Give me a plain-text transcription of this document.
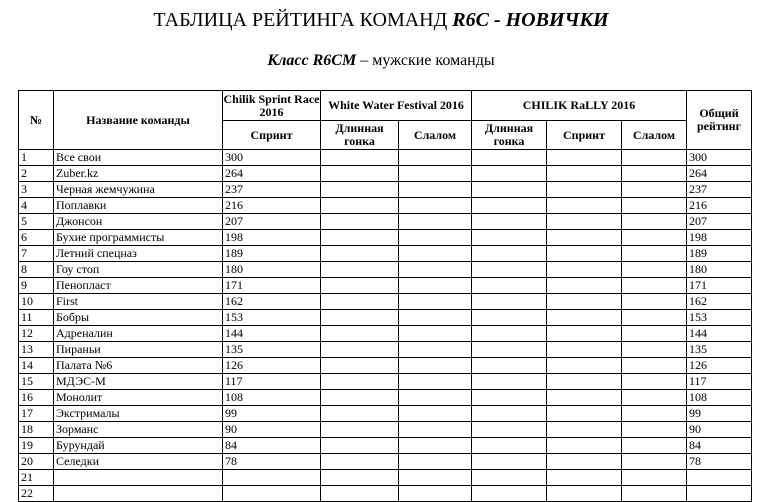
ТАБЛИЦА РЕЙТИНГА КОМАНД R6C - НОВИЧКИ
Класс R6CM – мужские команды
№	Название команды	Chilik Sprint Race 2016	White Water Festival 2016		CHILIK RaLLY 2016			Общий рейтинг
		Спринт	Длинная гонка	Слалом	Длинная гонка	Спринт	Слалом	
1	Все свои	300						300
2	Zuber.kz	264						264
3	Черная жемчужина	237						237
4	Поплавки	216						216
5	Джонсон	207						207
6	Бухие программисты	198						198
7	Летний спецназ	189						189
8	Гоу стоп	180						180
9	Пенопласт	171						171
10	First	162						162
11	Бобры	153						153
12	Адреналин	144						144
13	Пираньи	135						135
14	Палата №6	126						126
15	МДЭС-М	117						117
16	Монолит	108						108
17	Экстрималы	99						99
18	Зорманс	90						90
19	Бурундай	84						84
20	Селедки	78						78
21								
22								
